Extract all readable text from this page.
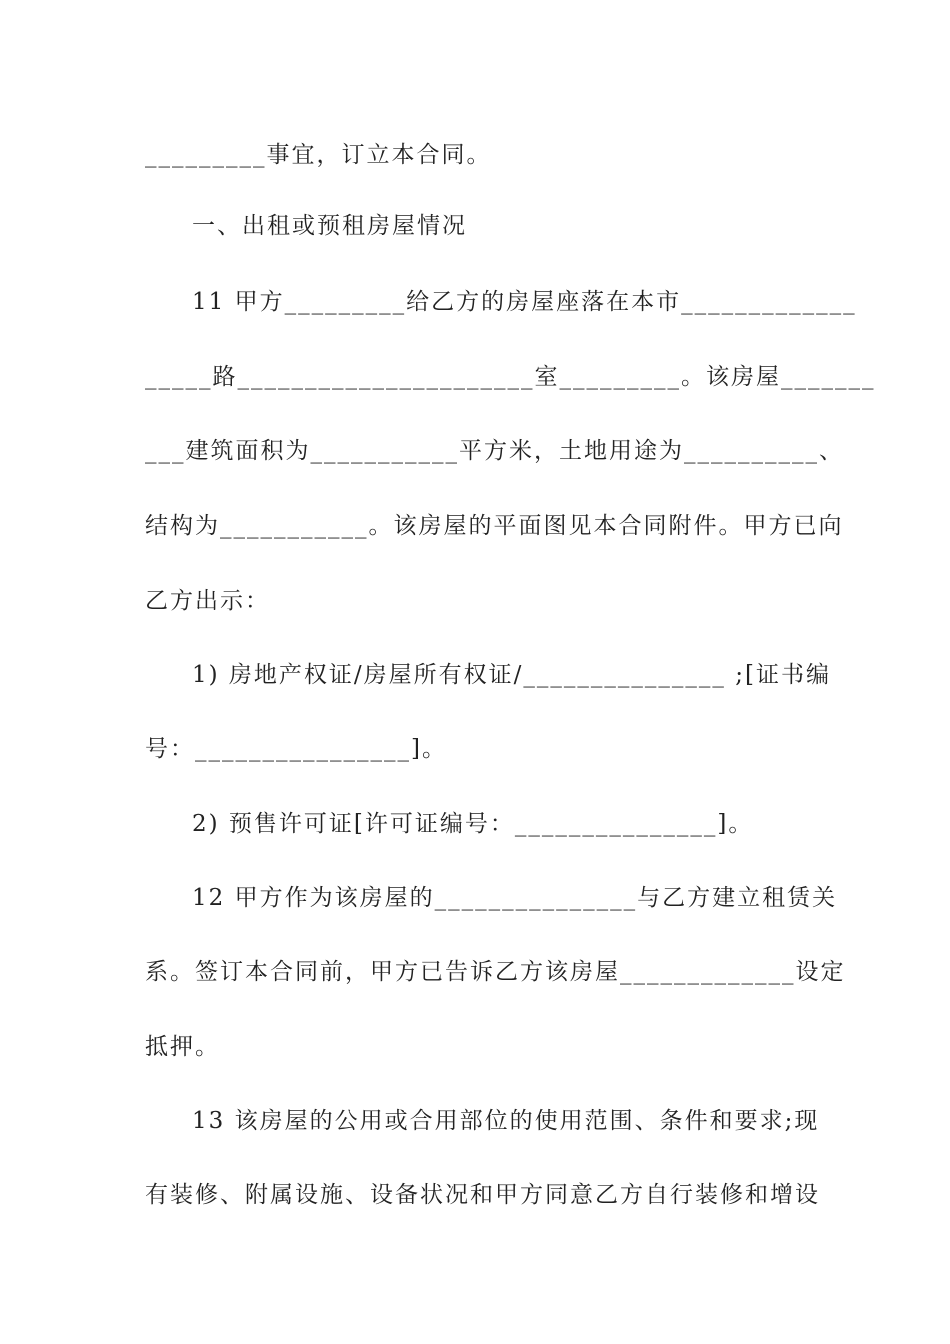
_________事宜，订立本合同。
一、出租或预租房屋情况
11 甲方_________给乙方的房屋座落在本市_____________
_____路______________________室_________。该房屋_______
___建筑面积为___________平方米，土地用途为__________、
结构为___________。该房屋的平面图见本合同附件。甲方已向
乙方出示：
1) 房地产权证/房屋所有权证/_______________ ;[证书编
号：________________]。
2) 预售许可证[许可证编号：_______________]。
12 甲方作为该房屋的_______________与乙方建立租赁关
系。签订本合同前，甲方已告诉乙方该房屋_____________设定
抵押。
13 该房屋的公用或合用部位的使用范围、条件和要求;现
有装修、附属设施、设备状况和甲方同意乙方自行装修和增设
